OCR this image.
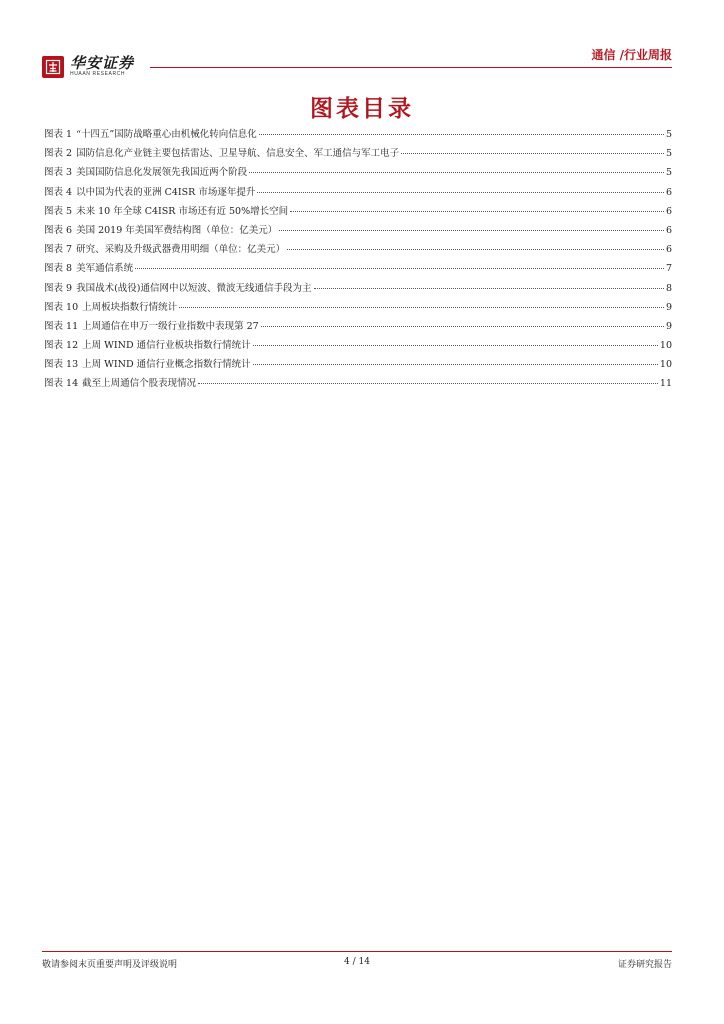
华安证券
HUAAN RESEARCH
通信 /行业周报
图表目录
图表 1 “十四五”国防战略重心由机械化转向信息化	5
图表 2 国防信息化产业链主要包括雷达、卫星导航、信息安全、军工通信与军工电子	5
图表 3 美国国防信息化发展领先我国近两个阶段	5
图表 4 以中国为代表的亚洲 C4ISR 市场逐年提升	6
图表 5 未来 10 年全球 C4ISR 市场还有近 50%增长空间	6
图表 6 美国 2019 年美国军费结构图（单位：亿美元）	6
图表 7 研究、采购及升级武器费用明细（单位：亿美元）	6
图表 8 美军通信系统	7
图表 9 我国战术(战役)通信网中以短波、微波无线通信手段为主	8
图表 10 上周板块指数行情统计	9
图表 11 上周通信在申万一级行业指数中表现第 27	9
图表 12 上周 WIND 通信行业板块指数行情统计	10
图表 13 上周 WIND 通信行业概念指数行情统计	10
图表 14 截至上周通信个股表现情况	11
敬请参阅末页重要声明及评级说明	4 / 14	证券研究报告
